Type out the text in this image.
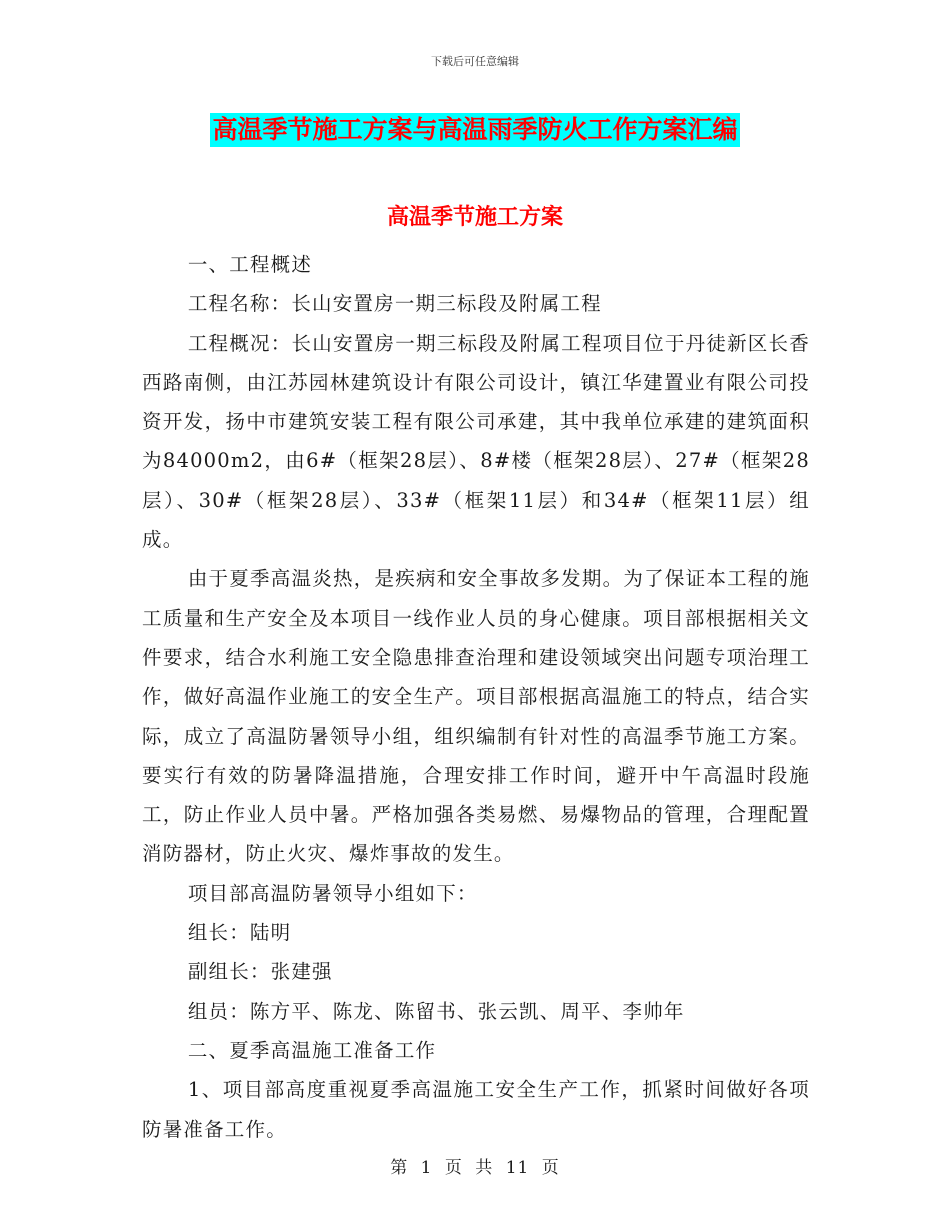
下载后可任意编辑
高温季节施工方案与高温雨季防火工作方案汇编
高温季节施工方案

一、工程概述

工程名称：长山安置房一期三标段及附属工程

工程概况：长山安置房一期三标段及附属工程项目位于丹徒新区长香西路南侧，由江苏园林建筑设计有限公司设计，镇江华建置业有限公司投资开发，扬中市建筑安装工程有限公司承建，其中我单位承建的建筑面积为84000m2，由6#（框架28层）、8#楼（框架28层）、27#（框架28层）、30#（框架28层）、33#（框架11层）和34#（框架11层）组成。

由于夏季高温炎热，是疾病和安全事故多发期。为了保证本工程的施工质量和生产安全及本项目一线作业人员的身心健康。项目部根据相关文件要求，结合水利施工安全隐患排查治理和建设领域突出问题专项治理工作，做好高温作业施工的安全生产。项目部根据高温施工的特点，结合实际，成立了高温防暑领导小组，组织编制有针对性的高温季节施工方案。要实行有效的防暑降温措施，合理安排工作时间，避开中午高温时段施工，防止作业人员中暑。严格加强各类易燃、易爆物品的管理，合理配置消防器材，防止火灾、爆炸事故的发生。

项目部高温防暑领导小组如下：

组长：陆明

副组长：张建强

组员：陈方平、陈龙、陈留书、张云凯、周平、李帅年

二、夏季高温施工准备工作

1、项目部高度重视夏季高温施工安全生产工作，抓紧时间做好各项防暑准备工作。

第 1 页 共 11 页
